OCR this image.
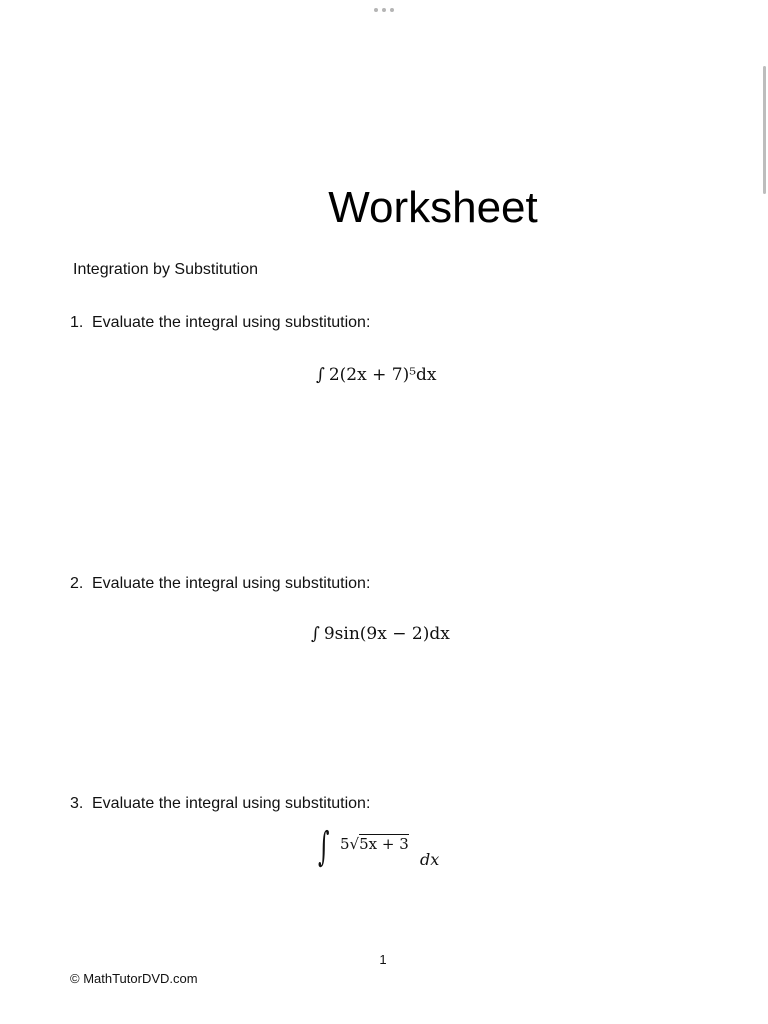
Worksheet
Integration by Substitution
1. Evaluate the integral using substitution:
∫ 2(2x + 7)⁵dx
2. Evaluate the integral using substitution:
∫ 9sin(9x − 2)dx
3. Evaluate the integral using substitution:
∫ 5√5x + 3
dx
1
© MathTutorDVD.com
